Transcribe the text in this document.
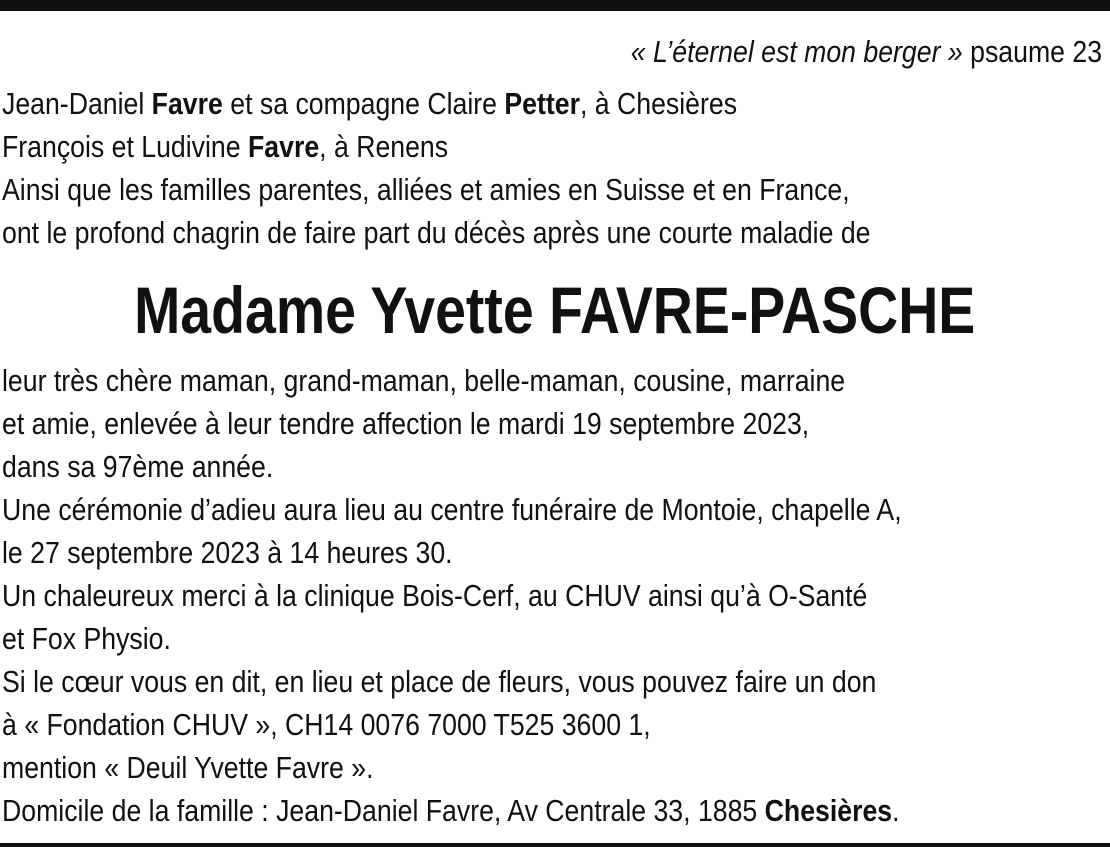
« L’éternel est mon berger » psaume 23
Jean-Daniel Favre et sa compagne Claire Petter, à Chesières
François et Ludivine Favre, à Renens
Ainsi que les familles parentes, alliées et amies en Suisse et en France,
ont le profond chagrin de faire part du décès après une courte maladie de
Madame Yvette FAVRE-PASCHE
leur très chère maman, grand-maman, belle-maman, cousine, marraine
et amie, enlevée à leur tendre affection le mardi 19 septembre 2023,
dans sa 97ème année.
Une cérémonie d’adieu aura lieu au centre funéraire de Montoie, chapelle A,
le 27 septembre 2023 à 14 heures 30.
Un chaleureux merci à la clinique Bois-Cerf, au CHUV ainsi qu’à O-Santé
et Fox Physio.
Si le cœur vous en dit, en lieu et place de fleurs, vous pouvez faire un don
à « Fondation CHUV », CH14 0076 7000 T525 3600 1,
mention « Deuil Yvette Favre ».
Domicile de la famille : Jean-Daniel Favre, Av Centrale 33, 1885 Chesières.
